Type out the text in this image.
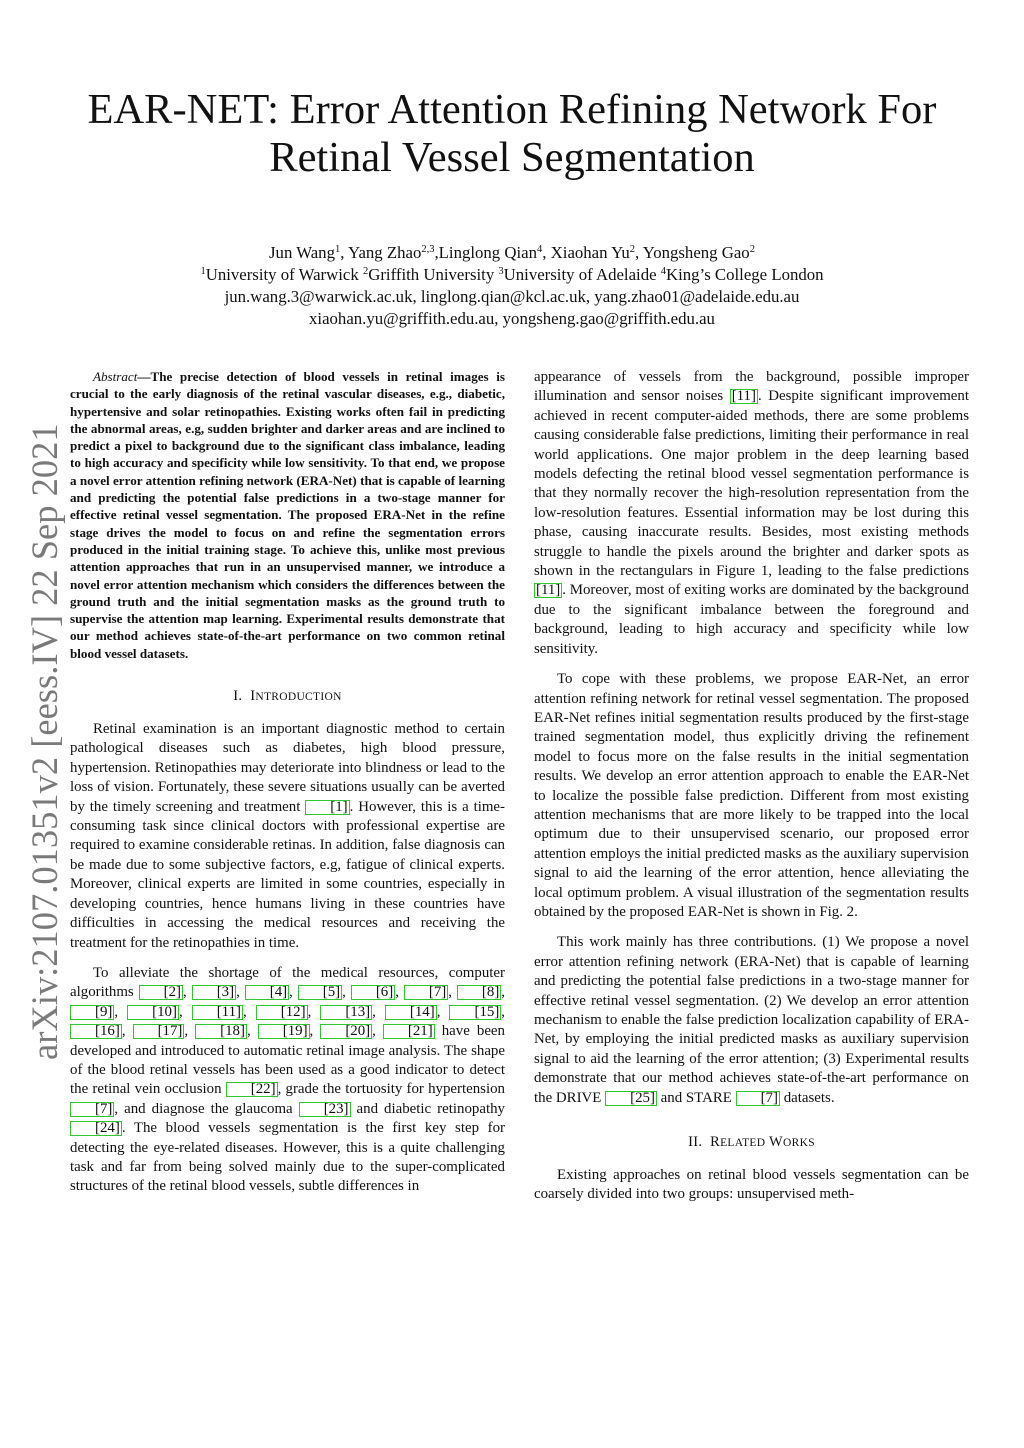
EAR-NET: Error Attention Refining Network For
Retinal Vessel Segmentation
Jun Wang$^1$, Yang Zhao$^{2,3}$,Linglong Qian$^4$, Xiaohan Yu$^2$, Yongsheng Gao$^2$
$^1$University of Warwick $^2$Griffith University $^3$University of Adelaide $^4$King’s College London
jun.wang.3@warwick.ac.uk, linglong.qian@kcl.ac.uk, yang.zhao01@adelaide.edu.au
xiaohan.yu@griffith.edu.au, yongsheng.gao@griffith.edu.au
arXiv:2107.01351v2 [eess.IV] 22 Sep 2021

Abstract—The precise detection of blood vessels in retinal images is crucial to the early diagnosis of the retinal vascular diseases, e.g., diabetic, hypertensive and solar retinopathies. Existing works often fail in predicting the abnormal areas, e.g, sudden brighter and darker areas and are inclined to predict a pixel to background due to the significant class imbalance, leading to high accuracy and specificity while low sensitivity. To that end, we propose a novel error attention refining network (ERA-Net) that is capable of learning and predicting the potential false predictions in a two-stage manner for effective retinal vessel segmentation. The proposed ERA-Net in the refine stage drives the model to focus on and refine the segmentation errors produced in the initial training stage. To achieve this, unlike most previous attention approaches that run in an unsupervised manner, we introduce a novel error attention mechanism which considers the differences between the ground truth and the initial segmentation masks as the ground truth to supervise the attention map learning. Experimental results demonstrate that our method achieves state-of-the-art performance on two common retinal blood vessel datasets.

I. INTRODUCTION

Retinal examination is an important diagnostic method to certain pathological diseases such as diabetes, high blood pressure, hypertension. Retinopathies may deteriorate into blindness or lead to the loss of vision. Fortunately, these severe situations usually can be averted by the timely screening and treatment [1] . However, this is a time-consuming task since clinical doctors with professional expertise are required to examine considerable retinas. In addition, false diagnosis can be made due to some subjective factors, e.g, fatigue of clinical experts. Moreover, clinical experts are limited in some countries, especially in developing countries, hence humans living in these countries have difficulties in accessing the medical resources and receiving the treatment for the retinopathies in time.

To alleviate the shortage of the medical resources, computer algorithms [2] , [3] , [4] , [5] , [6] , [7] , [8] , [9] , [10] , [11] , [12] , [13] , [14] , [15] , [16] , [17] , [18] , [19] , [20] , [21] have been developed and introduced to automatic retinal image analysis. The shape of the blood retinal vessels has been used as a good indicator to detect the retinal vein occlusion [22] , grade the tortuosity for hypertension [7] , and diagnose the glaucoma [23] and diabetic retinopathy [24] . The blood vessels segmentation is the first key step for detecting the eye-related diseases. However, this is a quite challenging task and far from being solved mainly due to the super-complicated structures of the retinal blood vessels, subtle differences in

appearance of vessels from the background, possible improper illumination and sensor noises [11] . Despite significant improvement achieved in recent computer-aided methods, there are some problems causing considerable false predictions, limiting their performance in real world applications. One major problem in the deep learning based models defecting the retinal blood vessel segmentation performance is that they normally recover the high-resolution representation from the low-resolution features. Essential information may be lost during this phase, causing inaccurate results. Besides, most existing methods struggle to handle the pixels around the brighter and darker spots as shown in the rectangulars in Figure 1, leading to the false predictions [11] . Moreover, most of exiting works are dominated by the background due to the significant imbalance between the foreground and background, leading to high accuracy and specificity while low sensitivity.

To cope with these problems, we propose EAR-Net, an error attention refining network for retinal vessel segmentation. The proposed EAR-Net refines initial segmentation results produced by the first-stage trained segmentation model, thus explicitly driving the refinement model to focus more on the false results in the initial segmentation results. We develop an error attention approach to enable the EAR-Net to localize the possible false prediction. Different from most existing attention mechanisms that are more likely to be trapped into the local optimum due to their unsupervised scenario, our proposed error attention employs the initial predicted masks as the auxiliary supervision signal to aid the learning of the error attention, hence alleviating the local optimum problem. A visual illustration of the segmentation results obtained by the proposed EAR-Net is shown in Fig. 2.

This work mainly has three contributions. (1) We propose a novel error attention refining network (ERA-Net) that is capable of learning and predicting the potential false predictions in a two-stage manner for effective retinal vessel segmentation. (2) We develop an error attention mechanism to enable the false prediction localization capability of ERA-Net, by employing the initial predicted masks as auxiliary supervision signal to aid the learning of the error attention; (3) Experimental results demonstrate that our method achieves state-of-the-art performance on the DRIVE [25] and STARE [7] datasets.

II. RELATED WORKS

Existing approaches on retinal blood vessels segmentation can be coarsely divided into two groups: unsupervised meth-
